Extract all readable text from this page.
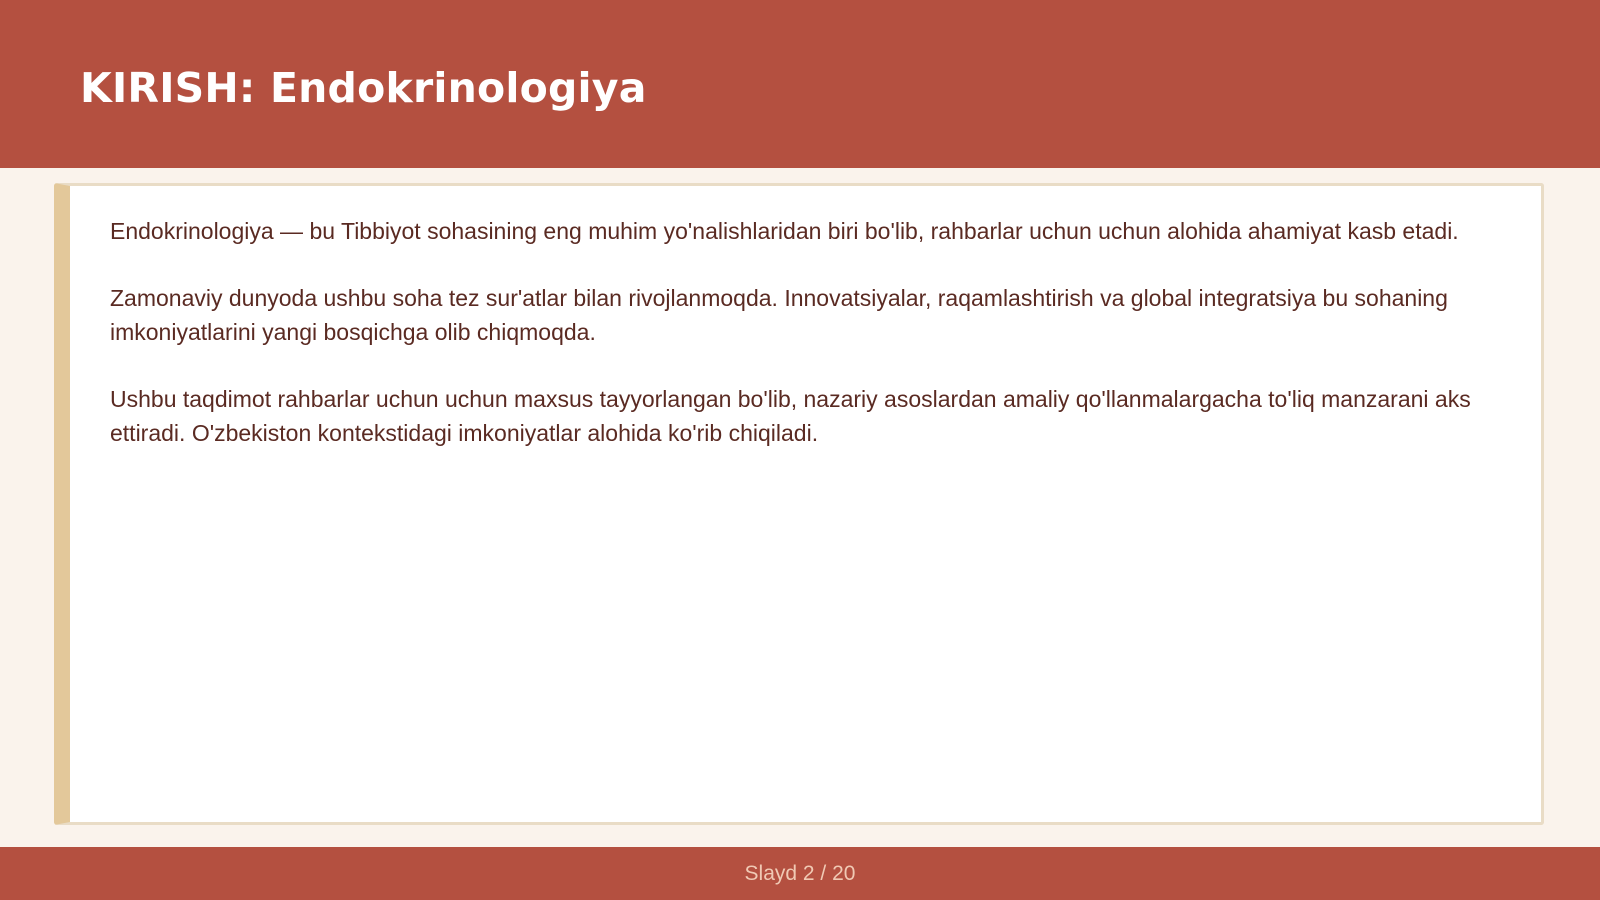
KIRISH: Endokrinologiya

Endokrinologiya — bu Tibbiyot sohasining eng muhim yo'nalishlaridan biri bo'lib, rahbarlar uchun uchun alohida ahamiyat kasb etadi.

Zamonaviy dunyoda ushbu soha tez sur'atlar bilan rivojlanmoqda. Innovatsiyalar, raqamlashtirish va global integratsiya bu sohaning imkoniyatlarini yangi bosqichga olib chiqmoqda.

Ushbu taqdimot rahbarlar uchun uchun maxsus tayyorlangan bo'lib, nazariy asoslardan amaliy qo'llanmalargacha to'liq manzarani aks ettiradi. O'zbekiston kontekstidagi imkoniyatlar alohida ko'rib chiqiladi.

Slayd 2 / 20
